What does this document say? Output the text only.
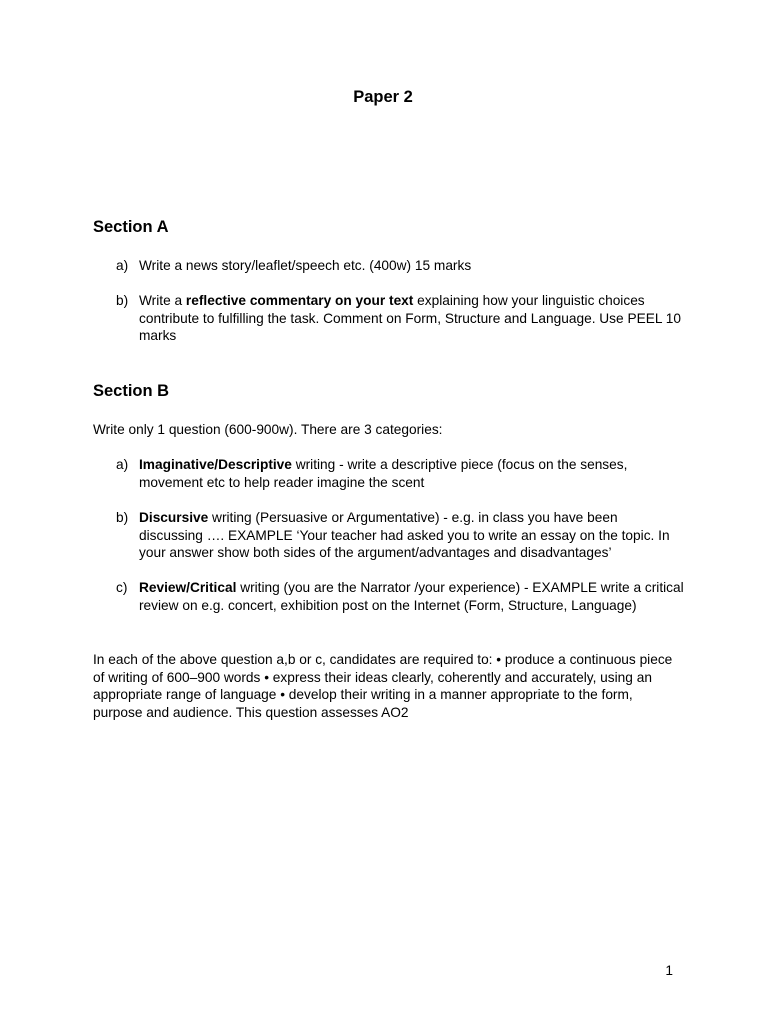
Paper 2
Section A
a) Write a news story/leaflet/speech etc. (400w) 15 marks
b) Write a reflective commentary on your text explaining how your linguistic choices contribute to fulfilling the task. Comment on Form, Structure and Language. Use PEEL 10 marks
Section B

Write only 1 question (600-900w). There are 3 categories:

a) Imaginative/Descriptive writing - write a descriptive piece (focus on the senses, movement etc to help reader imagine the scent
b) Discursive writing (Persuasive or Argumentative) - e.g. in class you have been discussing …. EXAMPLE ‘Your teacher had asked you to write an essay on the topic. In your answer show both sides of the argument/advantages and disadvantages’
c) Review/Critical writing (you are the Narrator /your experience) - EXAMPLE write a critical review on e.g. concert, exhibition post on the Internet (Form, Structure, Language)

In each of the above question a,b or c, candidates are required to: • produce a continuous piece of writing of 600–900 words • express their ideas clearly, coherently and accurately, using an appropriate range of language • develop their writing in a manner appropriate to the form, purpose and audience. This question assesses AO2

1
